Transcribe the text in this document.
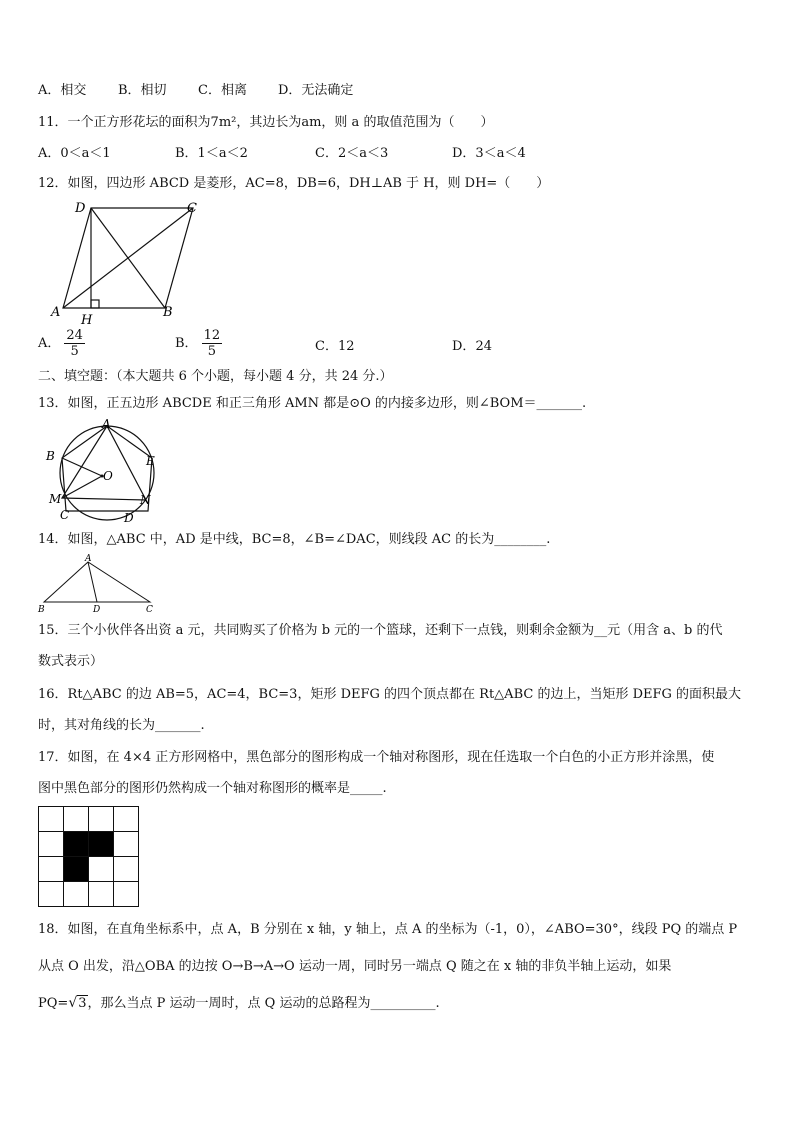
A．相交 B．相切 C．相离 D．无法确定
11．一个正方形花坛的面积为7m²，其边长为am，则 a 的取值范围为（　　）
A．0＜a＜1	B．1＜a＜2	C．2＜a＜3	D．3＜a＜4
12．如图，四边形 ABCD 是菱形，AC=8，DB=6，DH⊥AB 于 H，则 DH=（　　）
D	C
A	B
H
A． $\frac{24}{5}$	B． $\frac{12}{5}$	C．12	D．24
二、填空题：（本大题共 6 个小题，每小题 4 分，共 24 分.）
13．如图，正五边形 ABCDE 和正三角形 AMN 都是⊙O 的内接多边形，则∠BOM＝_______.
A
B	E
O
M	N
C	D
14．如图，△ABC 中，AD 是中线，BC=8，∠B=∠DAC，则线段 AC 的长为________.
A
B	D	C
15．三个小伙伴各出资 a 元，共同购买了价格为 b 元的一个篮球，还剩下一点钱，则剩余金额为__元（用含 a、b 的代
数式表示）
16．Rt△ABC 的边 AB=5，AC=4，BC=3，矩形 DEFG 的四个顶点都在 Rt△ABC 的边上，当矩形 DEFG 的面积最大
时，其对角线的长为_______.
17．如图，在 4×4 正方形网格中，黑色部分的图形构成一个轴对称图形，现在任选取一个白色的小正方形并涂黑，使
图中黑色部分的图形仍然构成一个轴对称图形的概率是_____.
18．如图，在直角坐标系中，点 A，B 分别在 x 轴，y 轴上，点 A 的坐标为（-1，0），∠ABO=30°，线段 PQ 的端点 P
从点 O 出发，沿△OBA 的边按 O→B→A→O 运动一周，同时另一端点 Q 随之在 x 轴的非负半轴上运动，如果
PQ=√3，那么当点 P 运动一周时，点 Q 运动的总路程为__________.
